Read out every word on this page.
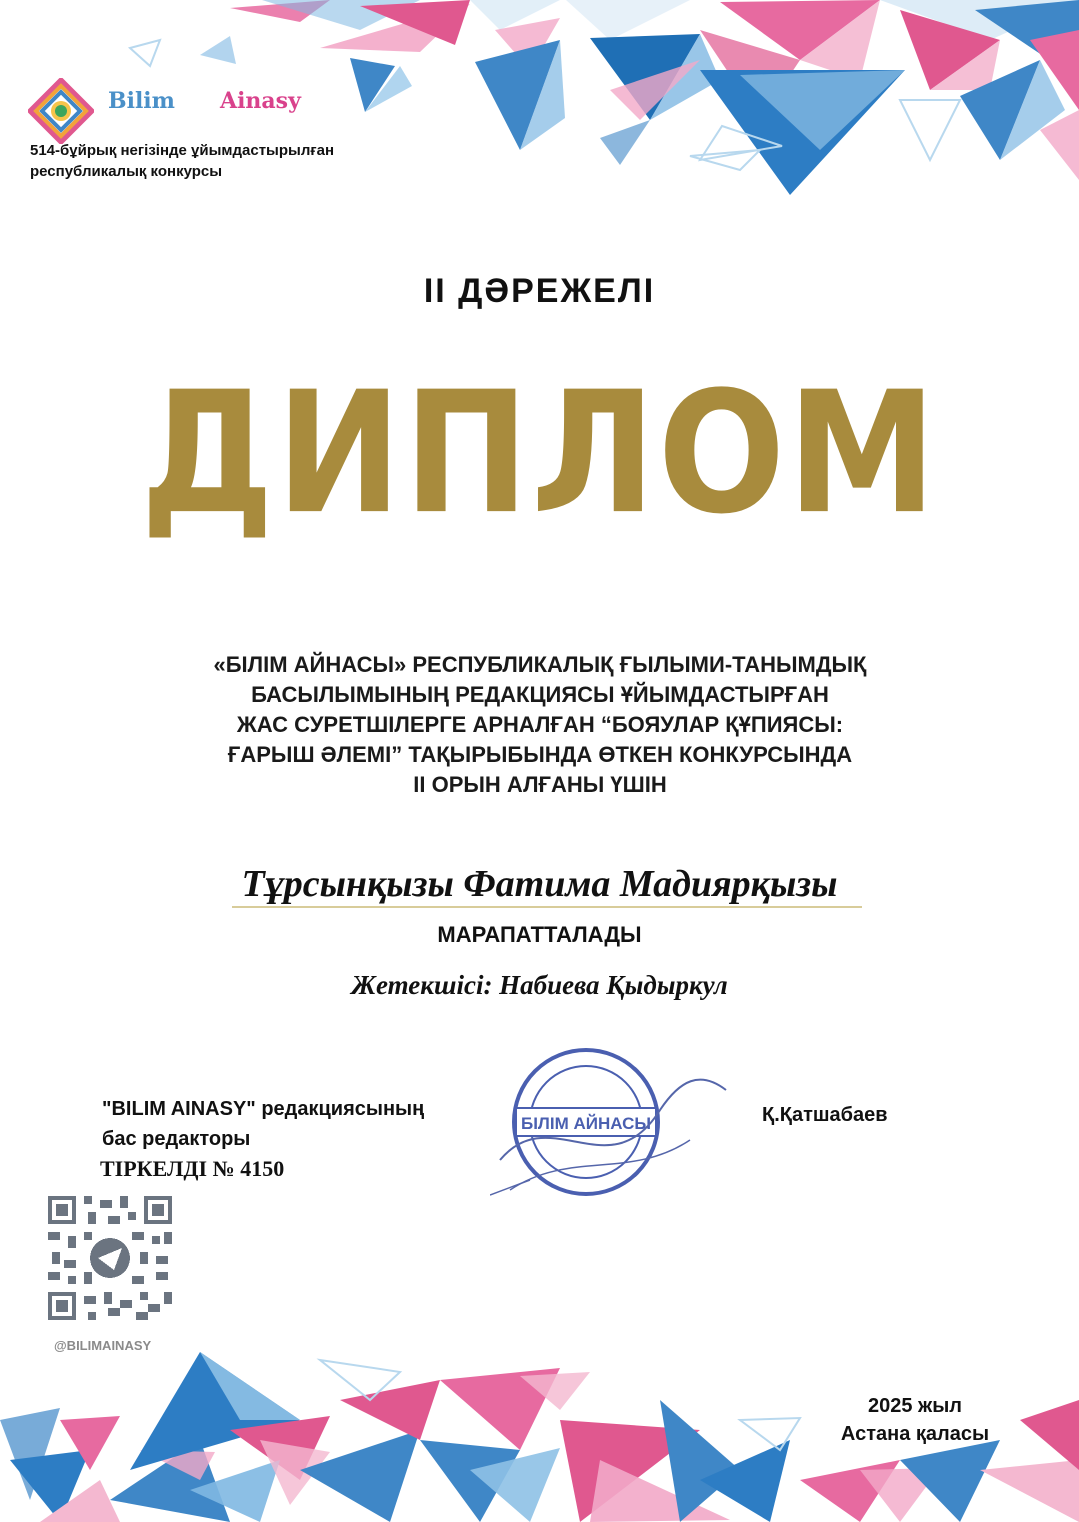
Bilim Ainasy
514-бұйрық негізінде ұйымдастырылған
республикалық конкурсы
II ДӘРЕЖЕЛІ
ДИПЛОМ
«БІЛІМ АЙНАСЫ» РЕСПУБЛИКАЛЫҚ ҒЫЛЫМИ-ТАНЫМДЫҚ
БАСЫЛЫМЫНЫҢ РЕДАКЦИЯСЫ ҰЙЫМДАСТЫРҒАН
ЖАС СУРЕТШІЛЕРГЕ АРНАЛҒАН “БОЯУЛАР ҚҰПИЯСЫ:
ҒАРЫШ ӘЛЕМІ” ТАҚЫРЫБЫНДА ӨТКЕН КОНКУРСЫНДА
II ОРЫН АЛҒАНЫ ҮШІН
Тұрсынқызы Фатима Мадиярқызы
МАРАПАТТАЛАДЫ
Жетекшісі: Набиева Қыдыркул
"BILIM AINASY" редакциясының
бас редакторы
ТІРКЕЛДІ № 4150
БІЛІМ АЙНАСЫ	Қ.Қатшабаев
@BILIMAINASY
2025 жыл
Астана қаласы
